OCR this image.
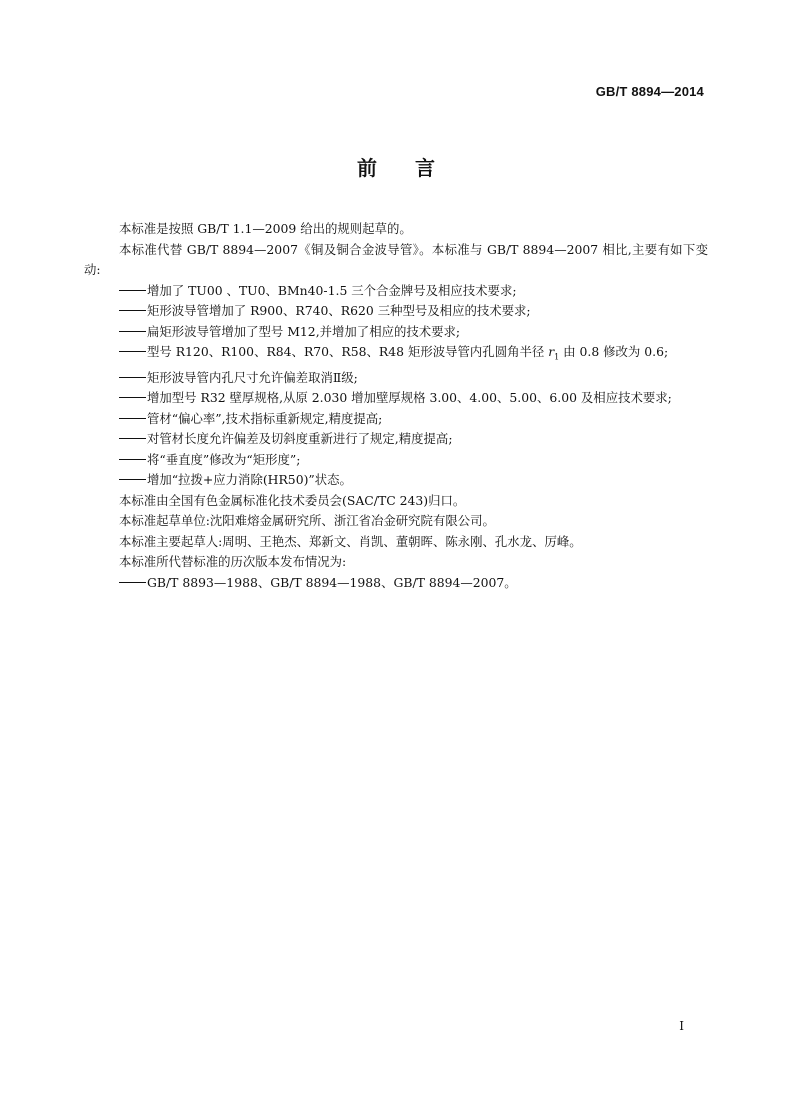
GB/T 8894—2014
前 言

本标准是按照 GB/T 1.1—2009 给出的规则起草的。

本标准代替 GB/T 8894—2007《铜及铜合金波导管》。本标准与 GB/T 8894—2007 相比,主要有如下变动:

增加了 TU00 、TU0、BMn40-1.5 三个合金牌号及相应技术要求;

矩形波导管增加了 R900、R740、R620 三种型号及相应的技术要求;

扁矩形波导管增加了型号 M12,并增加了相应的技术要求;

型号 R120、R100、R84、R70、R58、R48 矩形波导管内孔圆角半径 $r_1$ 由 0.8 修改为 0.6;

矩形波导管内孔尺寸允许偏差取消Ⅱ级;

增加型号 R32 壁厚规格,从原 2.030 增加壁厚规格 3.00、4.00、5.00、6.00 及相应技术要求;

管材“偏心率”,技术指标重新规定,精度提高;

对管材长度允许偏差及切斜度重新进行了规定,精度提高;

将“垂直度”修改为“矩形度”;

增加“拉拨+应力消除(HR50)”状态。

本标准由全国有色金属标准化技术委员会(SAC/TC 243)归口。

本标准起草单位:沈阳难熔金属研究所、浙江省冶金研究院有限公司。

本标准主要起草人:周明、王艳杰、郑新文、肖凯、董朝晖、陈永刚、孔水龙、厉峰。

本标准所代替标准的历次版本发布情况为:

GB/T 8893—1988、GB/T 8894—1988、GB/T 8894—2007。

I
